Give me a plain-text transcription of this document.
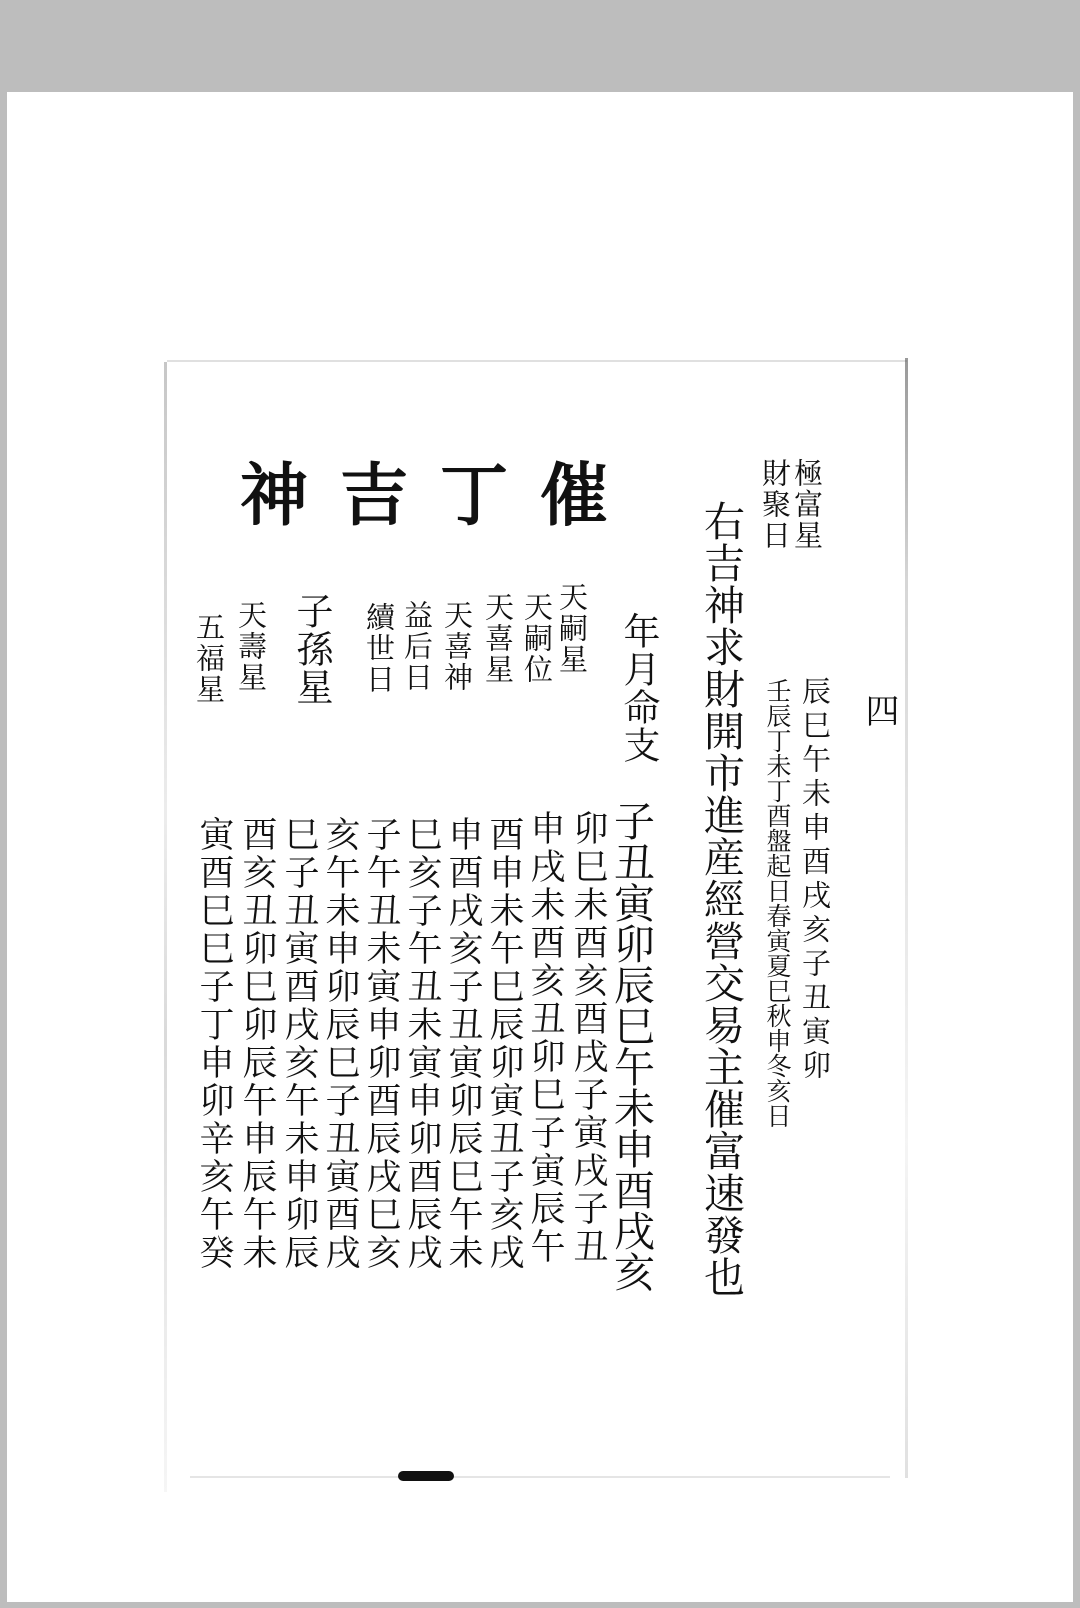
催丁吉神
四
極富星
財聚日
右吉神求財開市進産經營交易主催富速發也 辰巳午未申酉戌亥子丑寅卯
壬辰丁未丁酉盤起日春寅夏巳秋申冬亥日
年月命支
子丑寅卯辰巳午未申酉戌亥
天嗣星
天嗣位
天喜星
天喜神
益后日
續世日
子孫星
天壽星
五福星
卯巳未酉亥酉戌子寅戌子丑
申戌未酉亥丑卯巳子寅辰午
酉申未午巳辰卯寅丑子亥戌
申酉戌亥子丑寅卯辰巳午未
巳亥子午丑未寅申卯酉辰戌
子午丑未寅申卯酉辰戌巳亥
亥午未申卯辰巳子丑寅酉戌
巳子丑寅酉戌亥午未申卯辰
酉亥丑卯巳卯辰午申辰午未
寅酉巳巳子丁申卯辛亥午癸
